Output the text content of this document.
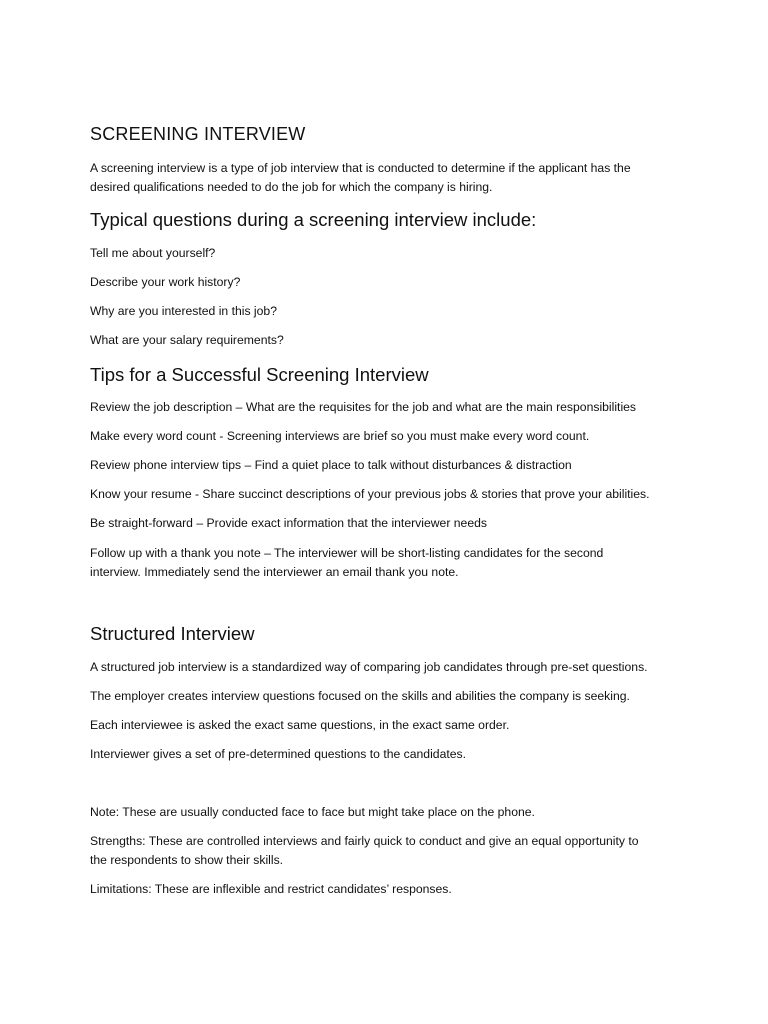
SCREENING INTERVIEW

A screening interview is a type of job interview that is conducted to determine if the applicant has the

desired qualifications needed to do the job for which the company is hiring.

Typical questions during a screening interview include:

Tell me about yourself?

Describe your work history?

Why are you interested in this job?

What are your salary requirements?

Tips for a Successful Screening Interview

Review the job description – What are the requisites for the job and what are the main responsibilities

Make every word count - Screening interviews are brief so you must make every word count.

Review phone interview tips – Find a quiet place to talk without disturbances & distraction

Know your resume - Share succinct descriptions of your previous jobs & stories that prove your abilities.

Be straight-forward – Provide exact information that the interviewer needs

Follow up with a thank you note – The interviewer will be short-listing candidates for the second

interview. Immediately send the interviewer an email thank you note.

Structured Interview

A structured job interview is a standardized way of comparing job candidates through pre-set questions.

The employer creates interview questions focused on the skills and abilities the company is seeking.

Each interviewee is asked the exact same questions, in the exact same order.

Interviewer gives a set of pre-determined questions to the candidates.

Note: These are usually conducted face to face but might take place on the phone.

Strengths: These are controlled interviews and fairly quick to conduct and give an equal opportunity to

the respondents to show their skills.

Limitations: These are inflexible and restrict candidates’ responses.
